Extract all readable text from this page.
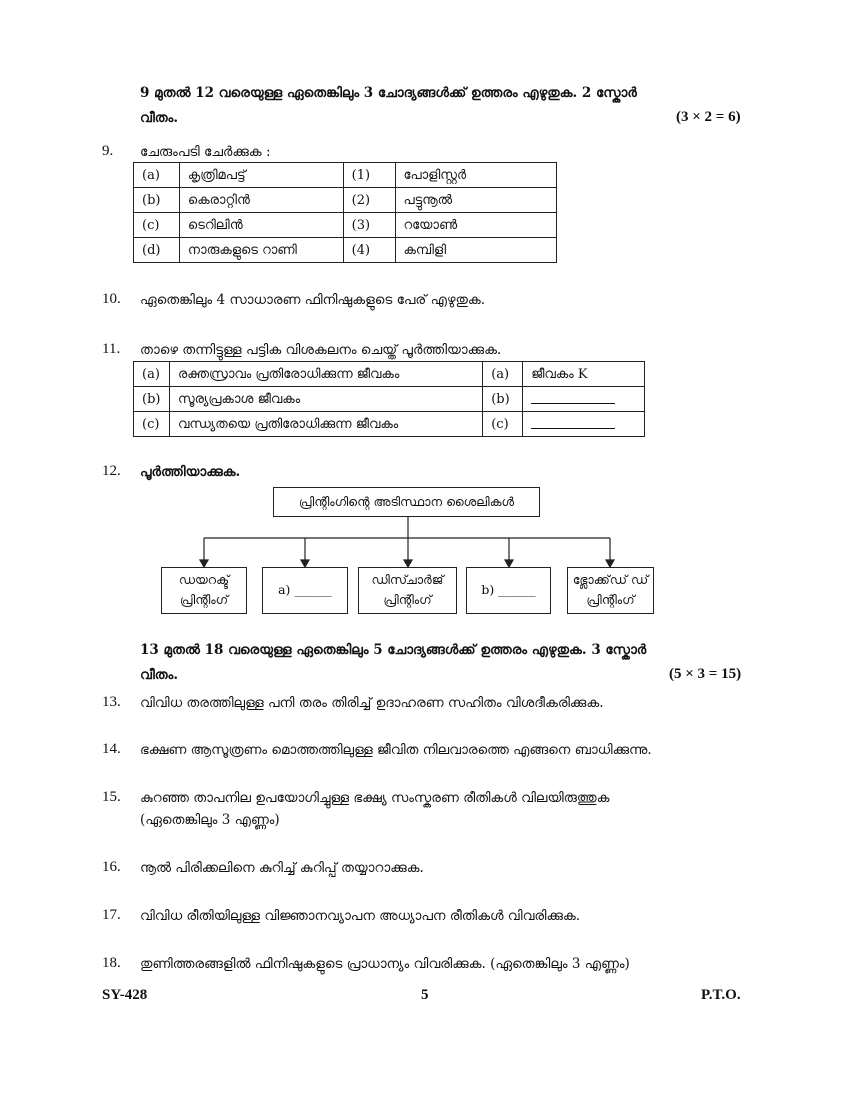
9 മുതൽ 12 വരെയുള്ള ഏതെങ്കിലും 3 ചോദ്യങ്ങൾക്ക് ഉത്തരം എഴുതുക. 2 സ്കോർ
വീതം.	(3 × 2 = 6)
9. ചേരുംപടി ചേർക്കുക :
(a)	കൃത്രിമപട്ട്	(1)	പോളിസ്റ്റർ
(b)	കെരാറ്റിൻ	(2)	പട്ടുനൂൽ
(c)	ടെറിലിൻ	(3)	റയോൺ
(d)	നാരുകളുടെ റാണി	(4)	കമ്പിളി
10. ഏതെങ്കിലും 4 സാധാരണ ഫിനിഷുകളുടെ പേര് എഴുതുക.
11. താഴെ തന്നിട്ടുള്ള പട്ടിക വിശകലനം ചെയ്ത് പൂർത്തിയാക്കുക.
(a)	രക്തസ്രാവം പ്രതിരോധിക്കുന്ന ജീവകം	(a)	ജീവകം K
(b)	സൂര്യപ്രകാശ ജീവകം	(b)	
(c)	വന്ധ്യതയെ പ്രതിരോധിക്കുന്ന ജീവകം	(c)	
12. പൂർത്തിയാക്കുക.
പ്രിന്റിംഗിന്റെ അടിസ്ഥാന ശൈലികൾ
ഡയറക്ട്
പ്രിന്റിംഗ്
a) ______
ഡിസ്ചാർജ്
പ്രിന്റിംഗ്
b) ______
ഭ്ലോക്ക്‌ഡ് ഡ്
പ്രിന്റിംഗ്
13 മുതൽ 18 വരെയുള്ള ഏതെങ്കിലും 5 ചോദ്യങ്ങൾക്ക് ഉത്തരം എഴുതുക. 3 സ്കോർ
വീതം.	(5 × 3 = 15)
13. വിവിധ തരത്തിലുള്ള പനി തരം തിരിച്ച് ഉദാഹരണ സഹിതം വിശദീകരിക്കുക.
14. ഭക്ഷണ ആസൂത്രണം മൊത്തത്തിലുള്ള ജീവിത നിലവാരത്തെ എങ്ങനെ ബാധിക്കുന്നു.
15. കുറഞ്ഞ താപനില ഉപയോഗിച്ചുള്ള ഭക്ഷ്യ സംസ്കരണ രീതികൾ വിലയിരുത്തുക
(ഏതെങ്കിലും 3 എണ്ണം)
16. നൂൽ പിരിക്കലിനെ കുറിച്ച് കുറിപ്പ് തയ്യാറാക്കുക.
17. വിവിധ രീതിയിലുള്ള വിജ്ഞാനവ്യാപന അധ്യാപന രീതികൾ വിവരിക്കുക.
18. തുണിത്തരങ്ങളിൽ ഫിനിഷുകളുടെ പ്രാധാന്യം വിവരിക്കുക. (ഏതെങ്കിലും 3 എണ്ണം)
SY-428	5	P.T.O.
